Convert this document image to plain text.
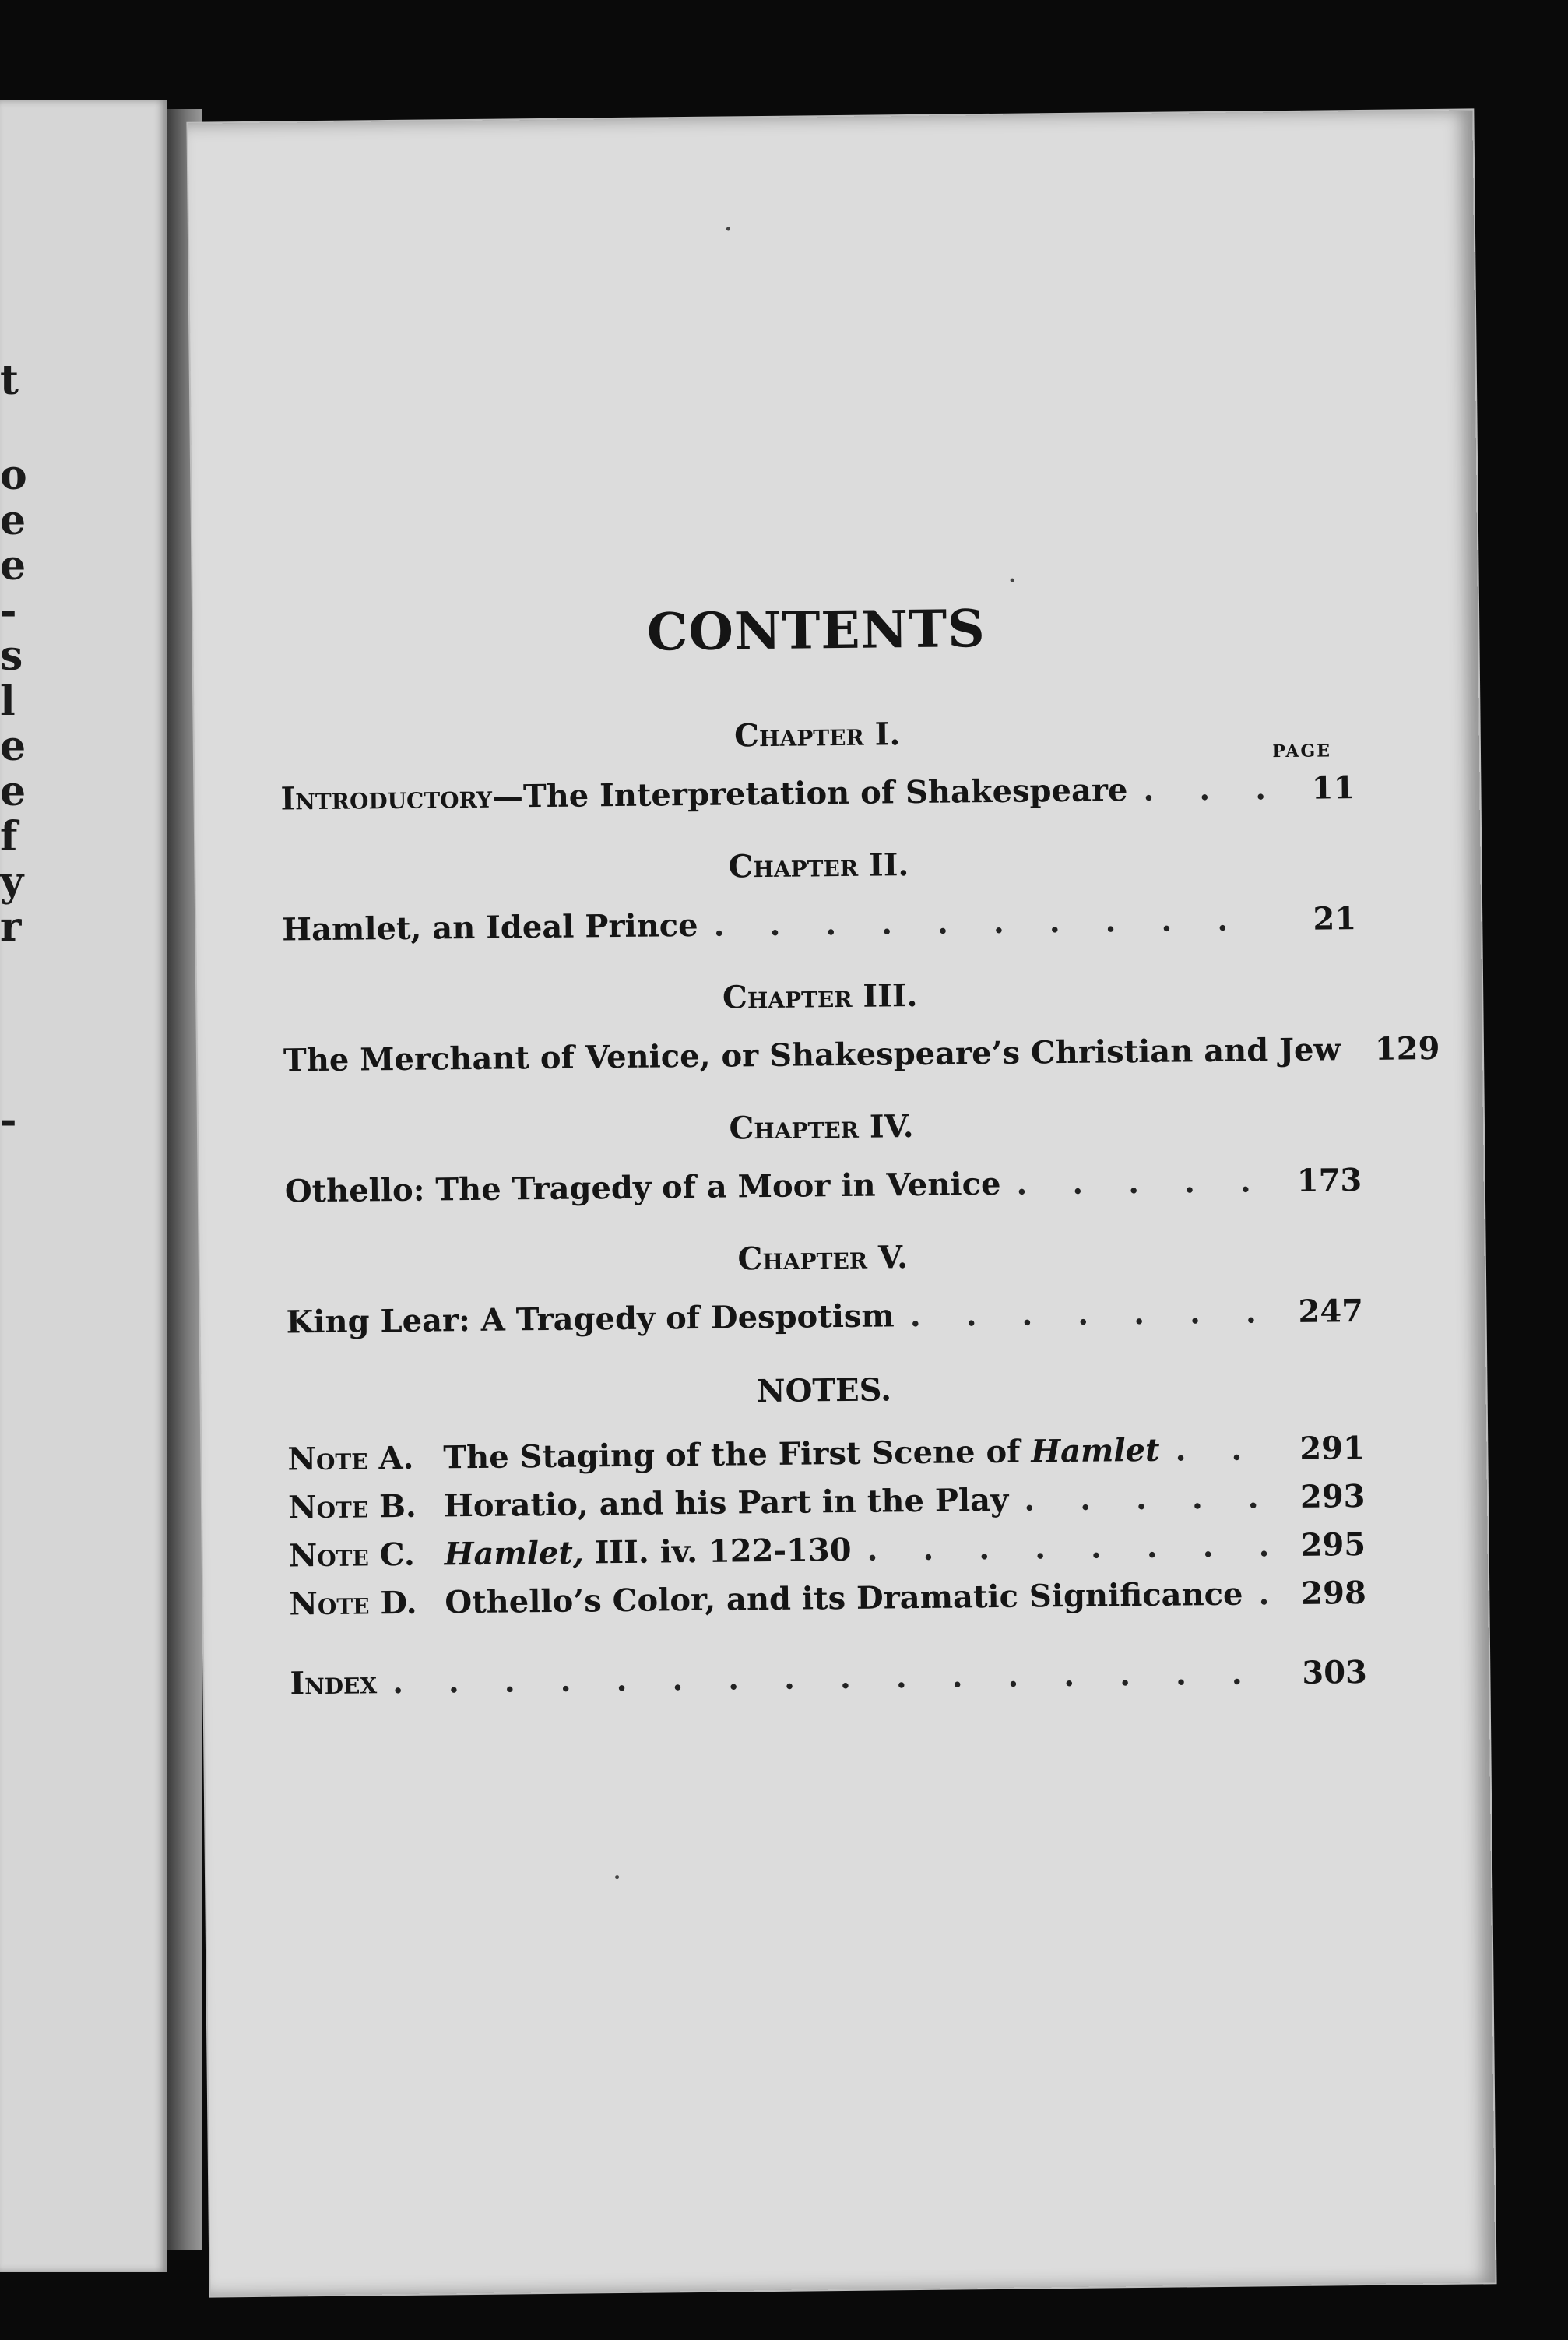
t
o
e
e
-
s
l
e
e
f
y
r
-
CONTENTS
Chapter I.	PAGE
Introductory—The Interpretation of Shakespeare . . .	11
Chapter II.
Hamlet, an Ideal Prince . . .	21
Chapter III.
The Merchant of Venice, or Shakespeare’s Christian and Jew . . . 129
Chapter IV.
Othello: The Tragedy of a Moor in Venice . . .	173
Chapter V.
King Lear: A Tragedy of Despotism . . .	247
NOTES.
Note A. The Staging of the First Scene of Hamlet . . .	291
Note B. Horatio, and his Part in the Play . . .	293
Note C. Hamlet, III. iv. 122-130 . . .	295
Note D. Othello’s Color, and its Dramatic Significance . . . 298
Index . . .	303
